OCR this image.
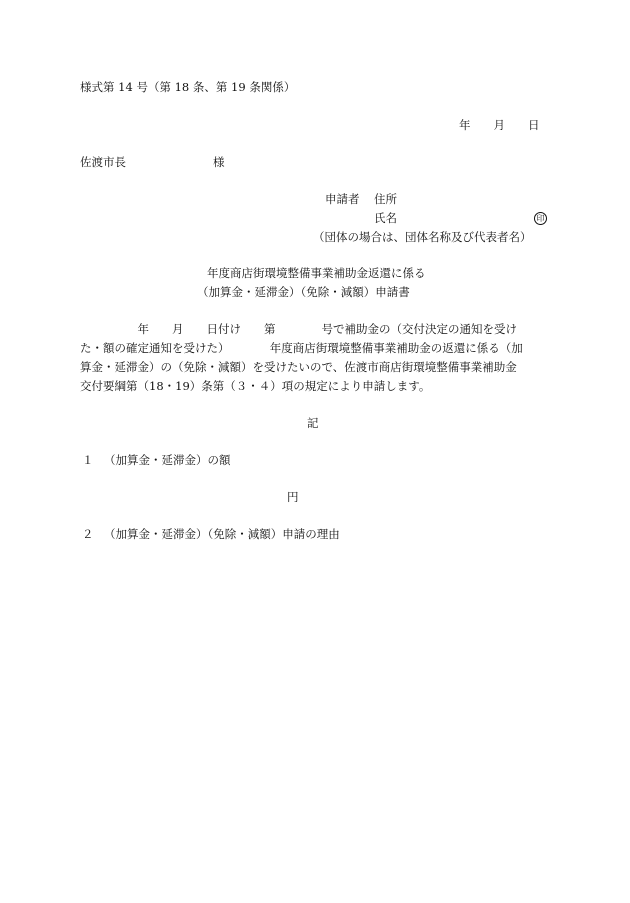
様式第 14 号（第 18 条、第 19 条関係）
年　　月　　日
佐渡市長	様
申請者 住所
氏名	印
（団体の場合は、団体名称及び代表者名）
年度商店街環境整備事業補助金返還に係る
（加算金・延滞金）（免除・減額）申請書
　　　　　年　　月　　日付け　　第　　　　号で補助金の（交付決定の通知を受け
た・額の確定通知を受けた）　　　　年度商店街環境整備事業補助金の返還に係る（加
算金・延滞金）の（免除・減額）を受けたいので、佐渡市商店街環境整備事業補助金
交付要綱第（18・19）条第（３・４）項の規定により申請します。
記
１ （加算金・延滞金）の額
円
２ （加算金・延滞金）（免除・減額）申請の理由
